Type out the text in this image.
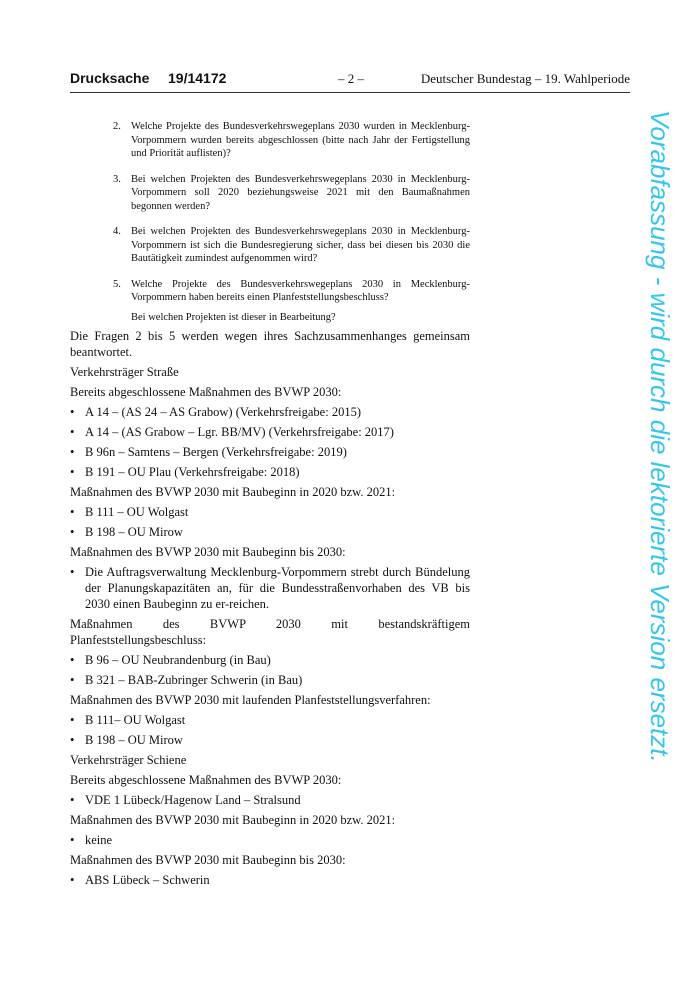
Drucksache 19/14172	– 2 –	Deutscher Bundestag – 19. Wahlperiode
2. Welche Projekte des Bundesverkehrswegeplans 2030 wurden in Mecklenburg-Vorpommern wurden bereits abgeschlossen (bitte nach Jahr der Fertigstellung und Priorität auflisten)?
3. Bei welchen Projekten des Bundesverkehrswegeplans 2030 in Mecklenburg-Vorpommern soll 2020 beziehungsweise 2021 mit den Baumaßnahmen begonnen werden?
4. Bei welchen Projekten des Bundesverkehrswegeplans 2030 in Mecklenburg-Vorpommern ist sich die Bundesregierung sicher, dass bei diesen bis 2030 die Bautätigkeit zumindest aufgenommen wird?
5. Welche Projekte des Bundesverkehrswegeplans 2030 in Mecklenburg-Vorpommern haben bereits einen Planfeststellungsbeschluss?
Bei welchen Projekten ist dieser in Bearbeitung?

Die Fragen 2 bis 5 werden wegen ihres Sachzusammenhanges gemeinsam beantwortet.

Verkehrsträger Straße

Bereits abgeschlossene Maßnahmen des BVWP 2030:

• A 14 – (AS 24 – AS Grabow) (Verkehrsfreigabe: 2015)
• A 14 – (AS Grabow – Lgr. BB/MV) (Verkehrsfreigabe: 2017)
• B 96n – Samtens – Bergen (Verkehrsfreigabe: 2019)
• B 191 – OU Plau (Verkehrsfreigabe: 2018)

Maßnahmen des BVWP 2030 mit Baubeginn in 2020 bzw. 2021:

• B 111 – OU Wolgast
• B 198 – OU Mirow

Maßnahmen des BVWP 2030 mit Baubeginn bis 2030:

• Die Auftragsverwaltung Mecklenburg-Vorpommern strebt durch Bündelung der Planungskapazitäten an, für die Bundesstraßenvorhaben des VB bis 2030 einen Baubeginn zu er-reichen.

Maßnahmen des BVWP 2030 mit bestandskräftigem Planfeststellungsbeschluss:

• B 96 – OU Neubrandenburg (in Bau)
• B 321 – BAB-Zubringer Schwerin (in Bau)

Maßnahmen des BVWP 2030 mit laufenden Planfeststellungsverfahren:

• B 111– OU Wolgast
• B 198 – OU Mirow

Verkehrsträger Schiene

Bereits abgeschlossene Maßnahmen des BVWP 2030:

• VDE 1 Lübeck/Hagenow Land – Stralsund

Maßnahmen des BVWP 2030 mit Baubeginn in 2020 bzw. 2021:

• keine

Maßnahmen des BVWP 2030 mit Baubeginn bis 2030:

• ABS Lübeck – Schwerin
Vorabfassung - wird durch die lektorierte Version ersetzt.
